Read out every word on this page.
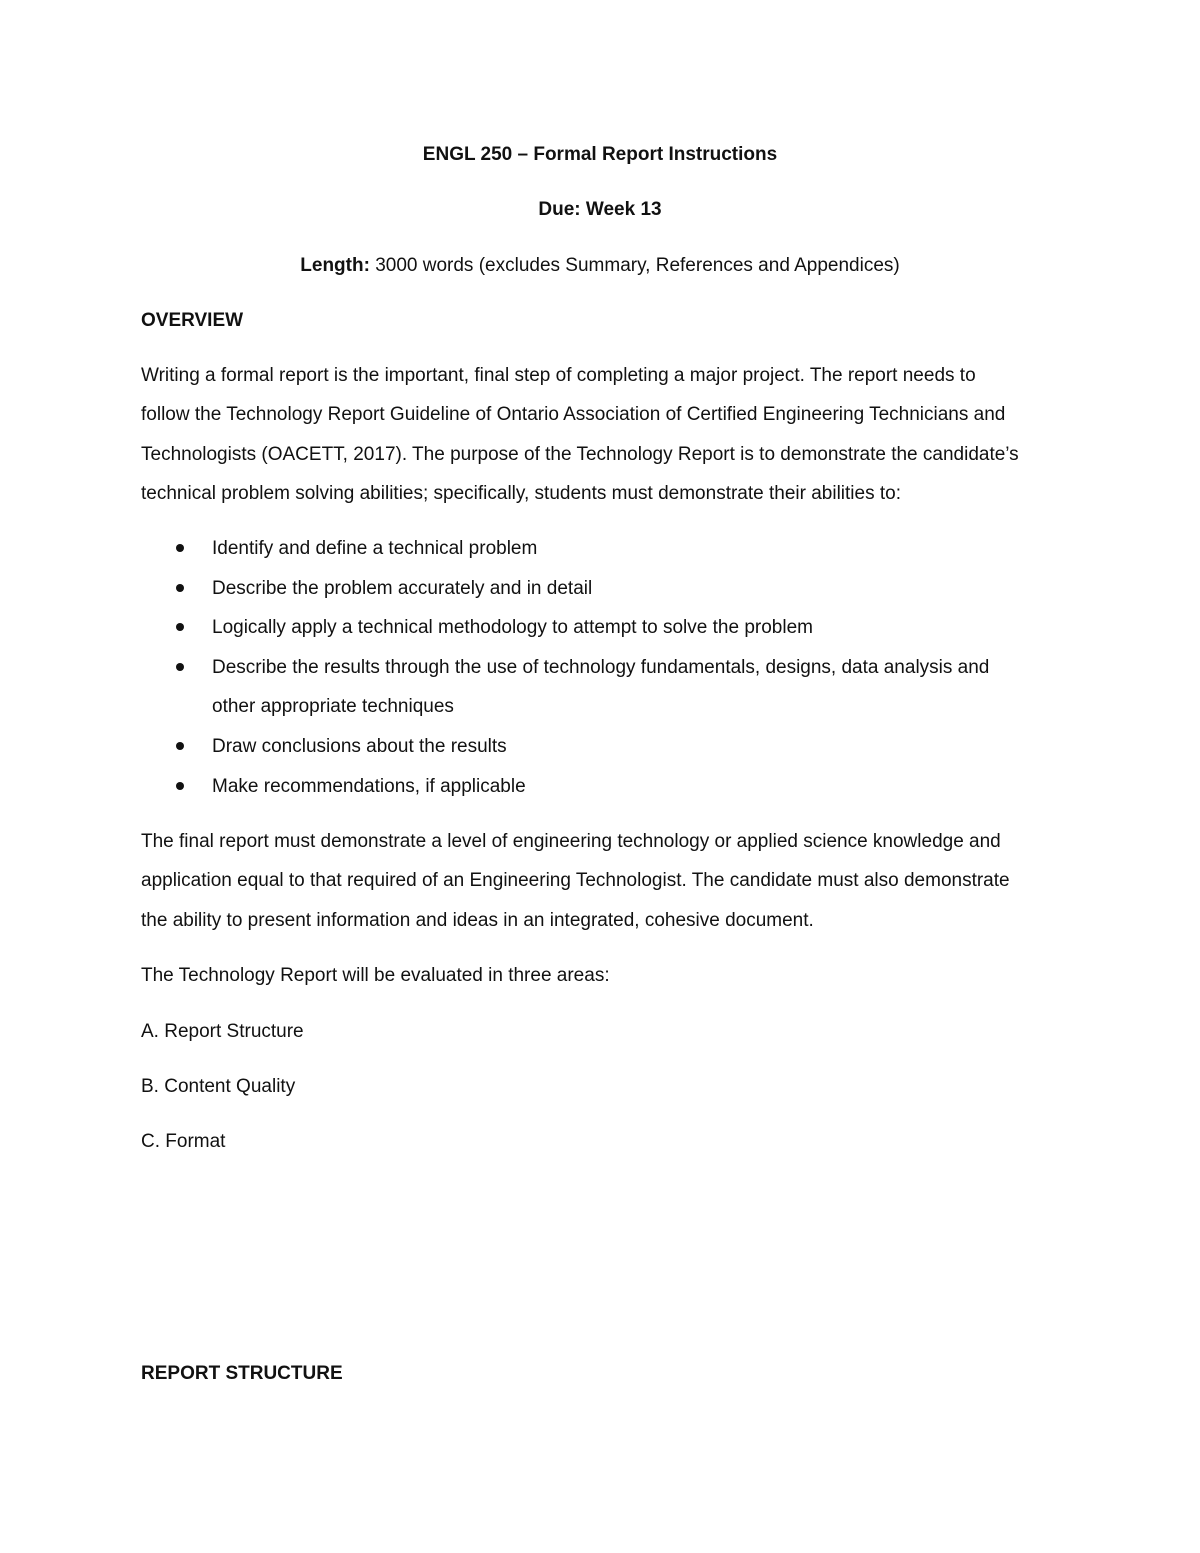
ENGL 250 – Formal Report Instructions
Due: Week 13
Length: 3000 words (excludes Summary, References and Appendices)
OVERVIEW
Writing a formal report is the important, final step of completing a major project. The report needs to
follow the Technology Report Guideline of Ontario Association of Certified Engineering Technicians and
Technologists (OACETT, 2017). The purpose of the Technology Report is to demonstrate the candidate’s
technical problem solving abilities; specifically, students must demonstrate their abilities to:
Identify and define a technical problem
Describe the problem accurately and in detail
Logically apply a technical methodology to attempt to solve the problem
Describe the results through the use of technology fundamentals, designs, data analysis and
other appropriate techniques
Draw conclusions about the results
Make recommendations, if applicable
The final report must demonstrate a level of engineering technology or applied science knowledge and
application equal to that required of an Engineering Technologist. The candidate must also demonstrate
the ability to present information and ideas in an integrated, cohesive document.
The Technology Report will be evaluated in three areas:
A. Report Structure
B. Content Quality
C. Format
REPORT STRUCTURE
